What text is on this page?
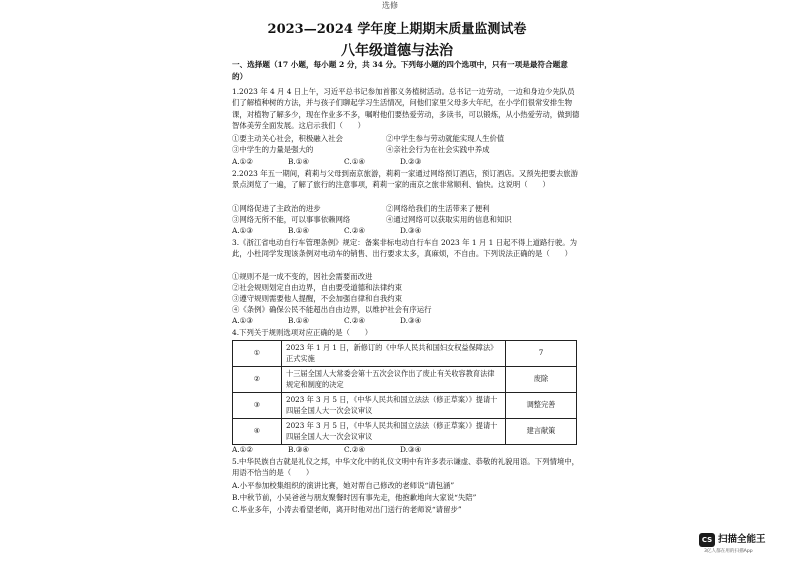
选修
2023—2024 学年度上期期末质量监测试卷
八年级道德与法治
一、选择题（17 小题，每小题 2 分，共 34 分。下列每小题的四个选项中，只有一项是最符合题意的）
1.2023 年 4 月 4 日上午，习近平总书记参加首都义务植树活动。总书记一边劳动，一边和身边少先队员们了解植种树的方法，并与孩子们聊起学习生活情况，问他们家里父母多大年纪，在小学们很常安排生物课，对植物了解多少，现在作业多不多，嘱咐他们要热爱劳动，多读书，可以锻炼，从小热爱劳动，做到德智体美劳全面发展。这启示我们（　　）
①要主动关心社会，积极融入社会	②中学生参与劳动就能实现人生价值
③中学生的力量是强大的	④亲社会行为在社会实践中养成
A.①②	B.①④	C.①④	D.②③
2.2023 年五一期间，莉莉与父母到南京旅游，莉莉一家通过网络预订酒店，预订酒店。又预先把要去旅游景点浏览了一遍，了解了旅行的注意事项，莉莉一家的南京之旅非常顺利、愉快。这说明（　　）
①网络促进了主政治的进步	②网络给我们的生活带来了便利
③网络无所不能，可以事事依赖网络	④通过网络可以获取实用的信息和知识
A.①③	B.①④	C.②④	D.③④
3.《浙江省电动自行车管理条例》规定：备案非标电动自行车自 2023 年 1 月 1 日起不得上道路行驶。为此，小杜同学发现该条例对电动车的销售、出行要求太多，真麻烦，不自由。下列说法正确的是（　　）
①规则不是一成不变的，因社会需要而改进
②社会规则划定自由边界，自由要受道德和法律约束
③遵守规则需要他人提醒，不会加强自律和自我约束
④《条例》确保公民不能超出自由边界，以维护社会有序运行
A.①③	B.①④	C.②④	D.③④
4.下列关于规则选项对应正确的是（　　）
①	2023 年 1 月 1 日，新修订的《中华人民共和国妇女权益保障法》正式实施	7
②	十三届全国人大常委会第十五次会议作出了废止有关收容教育法律规定和制度的决定	废除
③	2023 年 3 月 5 日，《中华人民共和国立法法（修正草案）》提请十四届全国人大一次会议审议	调整完善
④	2023 年 3 月 5 日，《中华人民共和国立法法（修正草案）》提请十四届全国人大一次会议审议	建言献策
A.①②	B.③④	C.②④	D.③④
5.中华民族自古就是礼仪之邦，中华文化中的礼仪文明中有许多表示谦虚、恭敬的礼貌用语。下列情境中，用语不恰当的是（　　）
A.小平参加校集组织的演讲比赛，她对帮自己修改的老师说“请包涵”
B.中秋节前，小吴爸爸与朋友聚餐时因有事先走，他抱歉地向大家说“失陪”
C.毕业多年，小涛去看望老师，离开时他对出门送行的老师说“请留步”
CS 扫描全能王
3亿人都在用的扫描App
